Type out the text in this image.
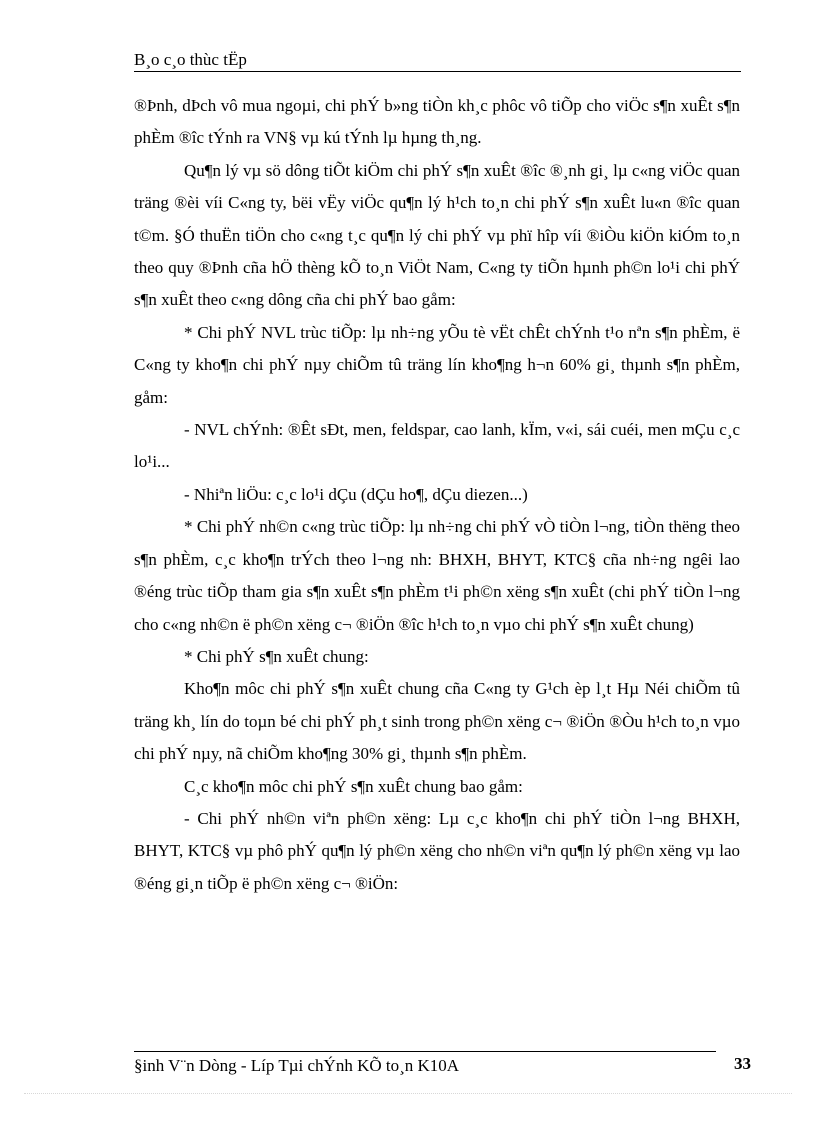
B¸o c¸o thùc tËp

®Þnh, dÞch vô mua ngoµi, chi phÝ b»ng tiÒn kh¸c phôc vô tiÕp cho viÖc s¶n xuÊt s¶n phÈm ®îc tÝnh ra VN§ vµ kú tÝnh lµ hµng th¸ng.

Qu¶n lý vµ sö dông tiÕt kiÖm chi phÝ s¶n xuÊt ®îc ®¸nh gi¸ lµ c«ng viÖc quan träng ®èi víi C«ng ty, bëi vËy viÖc qu¶n lý h¹ch to¸n chi phÝ s¶n xuÊt lu«n ®îc quan t©m. §Ó thuËn tiÖn cho c«ng t¸c qu¶n lý chi phÝ vµ phï hîp víi ®iÒu kiÖn kiÓm to¸n theo quy ®Þnh cña hÖ thèng kÕ to¸n ViÖt Nam, C«ng ty tiÕn hµnh ph©n lo¹i chi phÝ s¶n xuÊt theo c«ng dông cña chi phÝ bao gåm:

* Chi phÝ NVL trùc tiÕp: lµ nh÷ng yÕu tè vËt chÊt chÝnh t¹o nªn s¶n phÈm, ë C«ng ty kho¶n chi phÝ nµy chiÕm tû träng lín kho¶ng h¬n 60% gi¸ thµnh s¶n phÈm, gåm:

- NVL chÝnh: ®Êt sÐt, men, feldspar, cao lanh, kÏm, v«i, sái cuéi, men mÇu c¸c lo¹i...

- Nhiªn liÖu: c¸c lo¹i dÇu (dÇu ho¶, dÇu diezen...)

* Chi phÝ nh©n c«ng trùc tiÕp: lµ nh÷ng chi phÝ vÒ tiÒn l¬ng, tiÒn thëng theo s¶n phÈm, c¸c kho¶n trÝch theo l¬ng nh: BHXH, BHYT, KTC§ cña nh÷ng ngêi lao ®éng trùc tiÕp tham gia s¶n xuÊt s¶n phÈm t¹i ph©n xëng s¶n xuÊt (chi phÝ tiÒn l¬ng cho c«ng nh©n ë ph©n xëng c¬ ®iÖn ®îc h¹ch to¸n vµo chi phÝ s¶n xuÊt chung)

* Chi phÝ s¶n xuÊt chung:

Kho¶n môc chi phÝ s¶n xuÊt chung cña C«ng ty G¹ch èp l¸t Hµ Néi chiÕm tû träng kh¸ lín do toµn bé chi phÝ ph¸t sinh trong ph©n xëng c¬ ®iÖn ®Òu h¹ch to¸n vµo chi phÝ nµy, nã chiÕm kho¶ng 30% gi¸ thµnh s¶n phÈm.

C¸c kho¶n môc chi phÝ s¶n xuÊt chung bao gåm:

- Chi phÝ nh©n viªn ph©n xëng: Lµ c¸c kho¶n chi phÝ tiÒn l¬ng BHXH, BHYT, KTC§ vµ phô phÝ qu¶n lý ph©n xëng cho nh©n viªn qu¶n lý ph©n xëng vµ lao ®éng gi¸n tiÕp ë ph©n xëng c¬ ®iÖn:

§inh V¨n Dòng - Líp Tµi chÝnh KÕ to¸n K10A	33
